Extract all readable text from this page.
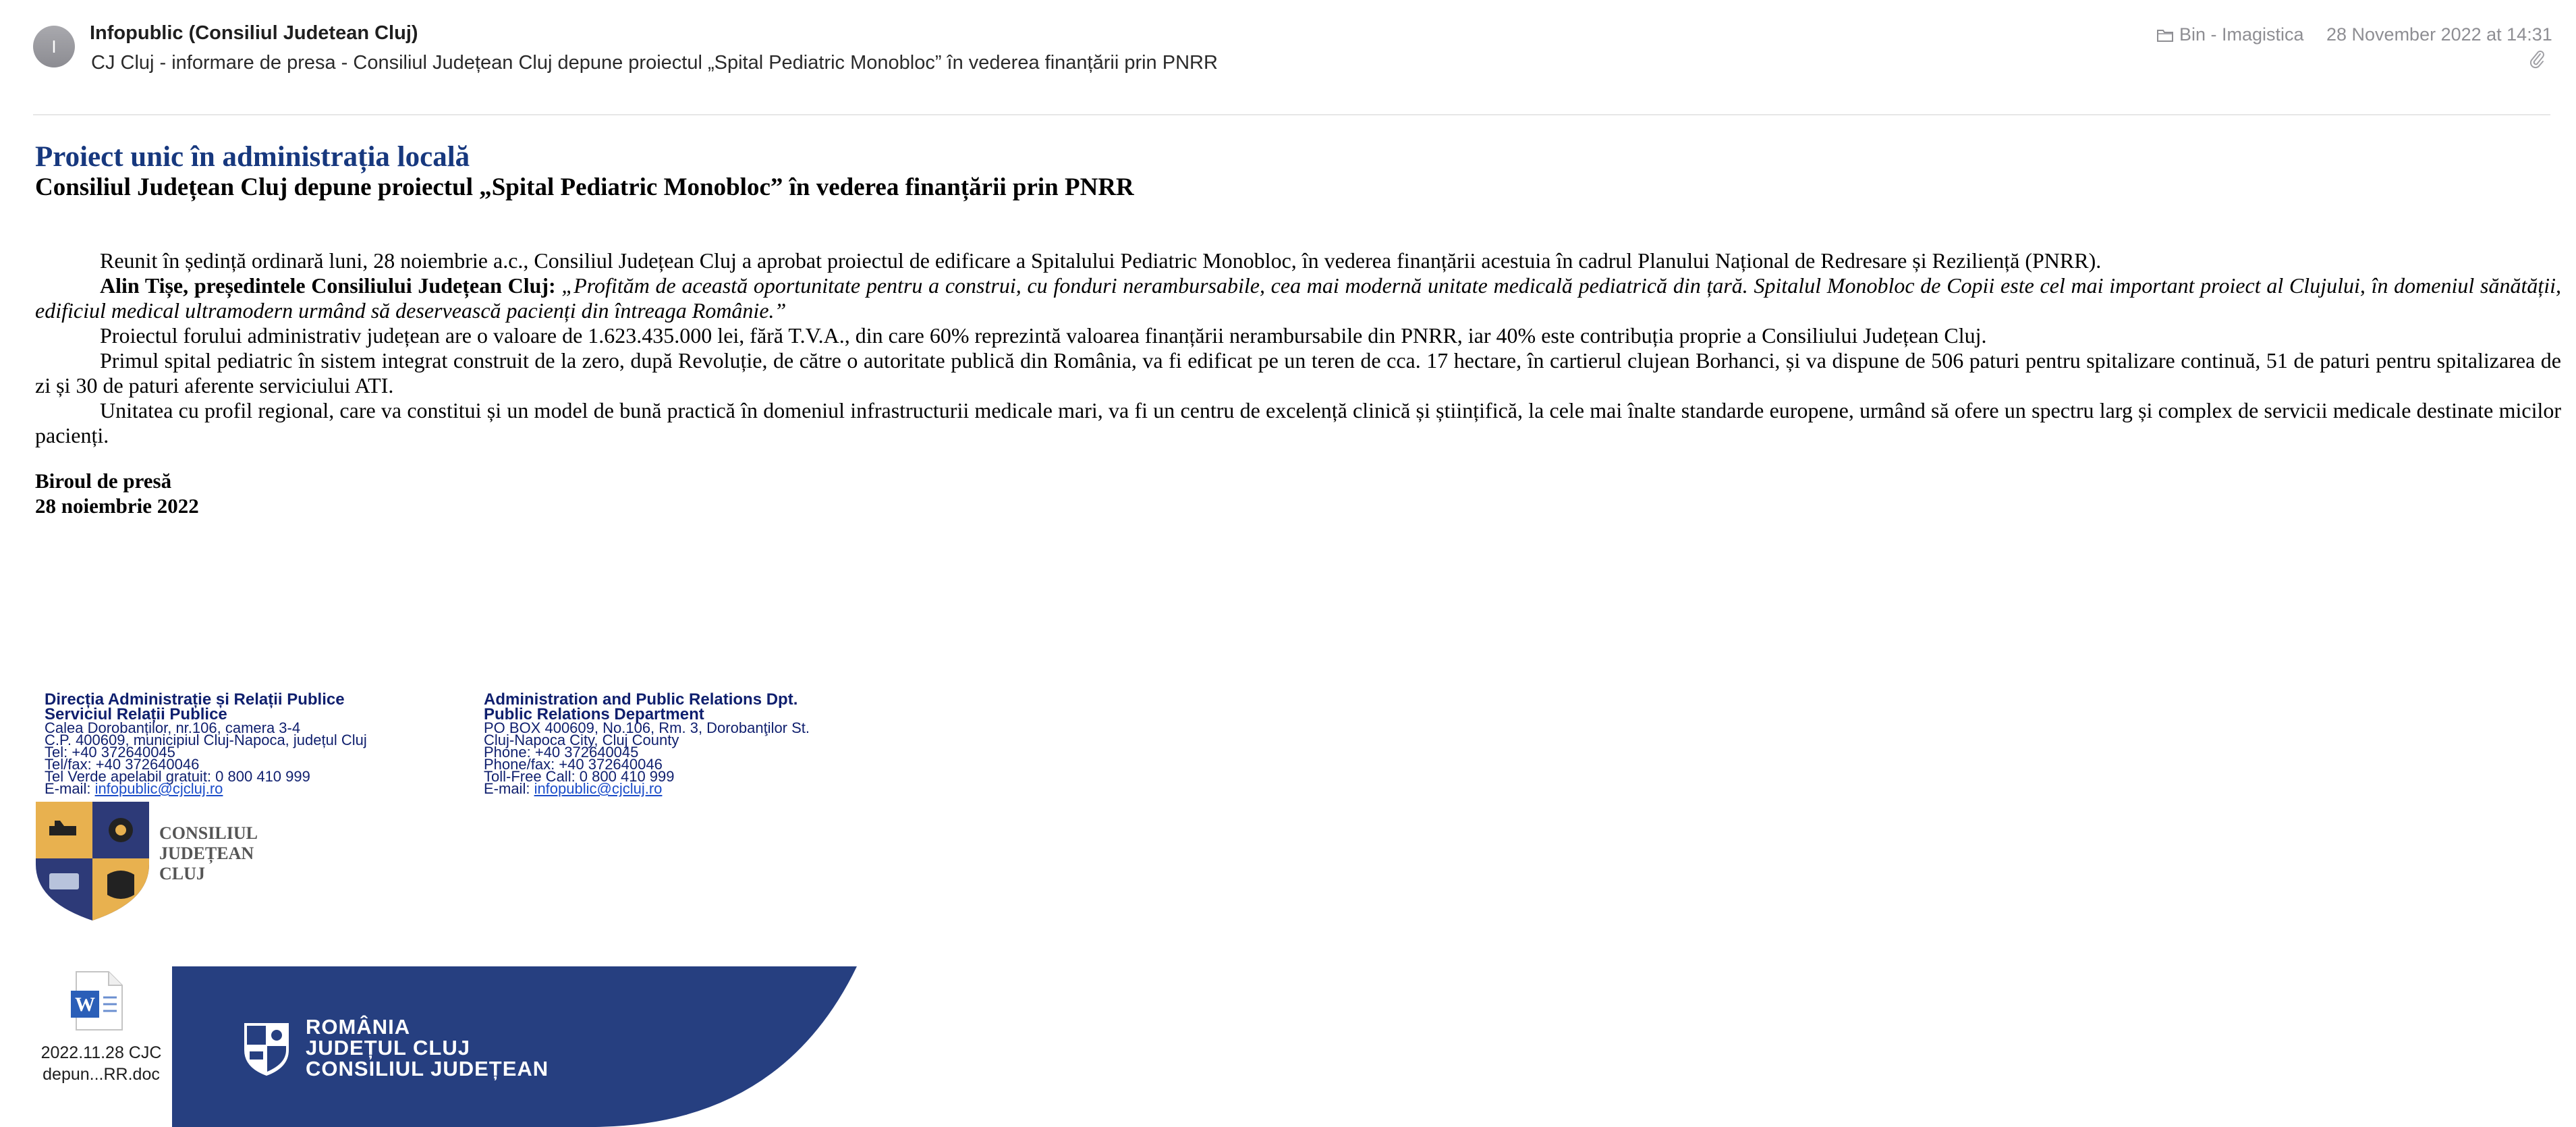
I
Infopublic (Consiliul Judetean Cluj)
CJ Cluj - informare de presa - Consiliul Județean Cluj depune proiectul „Spital Pediatric Monobloc” în vederea finanțării prin PNRR
Bin - Imagistica 28 November 2022 at 14:31
Proiect unic în administrația locală
Consiliul Județean Cluj depune proiectul „Spital Pediatric Monobloc” în vederea finanțării prin PNRR

Reunit în ședință ordinară luni, 28 noiembrie a.c., Consiliul Județean Cluj a aprobat proiectul de edificare a Spitalului Pediatric Monobloc, în vederea finanțării acestuia în cadrul Planului Național de Redresare și Reziliență (PNRR).

Alin Tișe, președintele Consiliului Județean Cluj: „Profităm de această oportunitate pentru a construi, cu fonduri nerambursabile, cea mai modernă unitate medicală pediatrică din țară. Spitalul Monobloc de Copii este cel mai important proiect al Clujului, în domeniul sănătății, edificiul medical ultramodern urmând să deservească pacienți din întreaga Românie.”

Proiectul forului administrativ județean are o valoare de 1.623.435.000 lei, fără T.V.A., din care 60% reprezintă valoarea finanțării nerambursabile din PNRR, iar 40% este contribuția proprie a Consiliului Județean Cluj.

Primul spital pediatric în sistem integrat construit de la zero, după Revoluție, de către o autoritate publică din România, va fi edificat pe un teren de cca. 17 hectare, în cartierul clujean Borhanci, și va dispune de 506 paturi pentru spitalizare continuă, 51 de paturi pentru spitalizarea de zi și 30 de paturi aferente serviciului ATI.

Unitatea cu profil regional, care va constitui și un model de bună practică în domeniul infrastructurii medicale mari, va fi un centru de excelență clinică și științifică, la cele mai înalte standarde europene, urmând să ofere un spectru larg și complex de servicii medicale destinate micilor pacienți.

Biroul de presă
28 noiembrie 2022
Direcția Administrație și Relații Publice
Serviciul Relații Publice
Calea Dorobanților, nr.106, camera 3-4
C.P. 400609, municipiul Cluj-Napoca, județul Cluj
Tel: +40 372640045
Tel/fax: +40 372640046
Tel Verde apelabil gratuit: 0 800 410 999
E-mail: infopublic@cjcluj.ro
Administration and Public Relations Dpt.
Public Relations Department
PO BOX 400609, No.106, Rm. 3, Dorobanţilor St.
Cluj-Napoca City, Cluj County
Phone: +40 372640045
Phone/fax: +40 372640046
Toll-Free Call: 0 800 410 999
E-mail: infopublic@cjcluj.ro
CONSILIUL
JUDEȚEAN
CLUJ
W
2022.11.28 CJC
depun...RR.doc
ROMÂNIA
JUDEȚUL CLUJ
CONSILIUL JUDEȚEAN
